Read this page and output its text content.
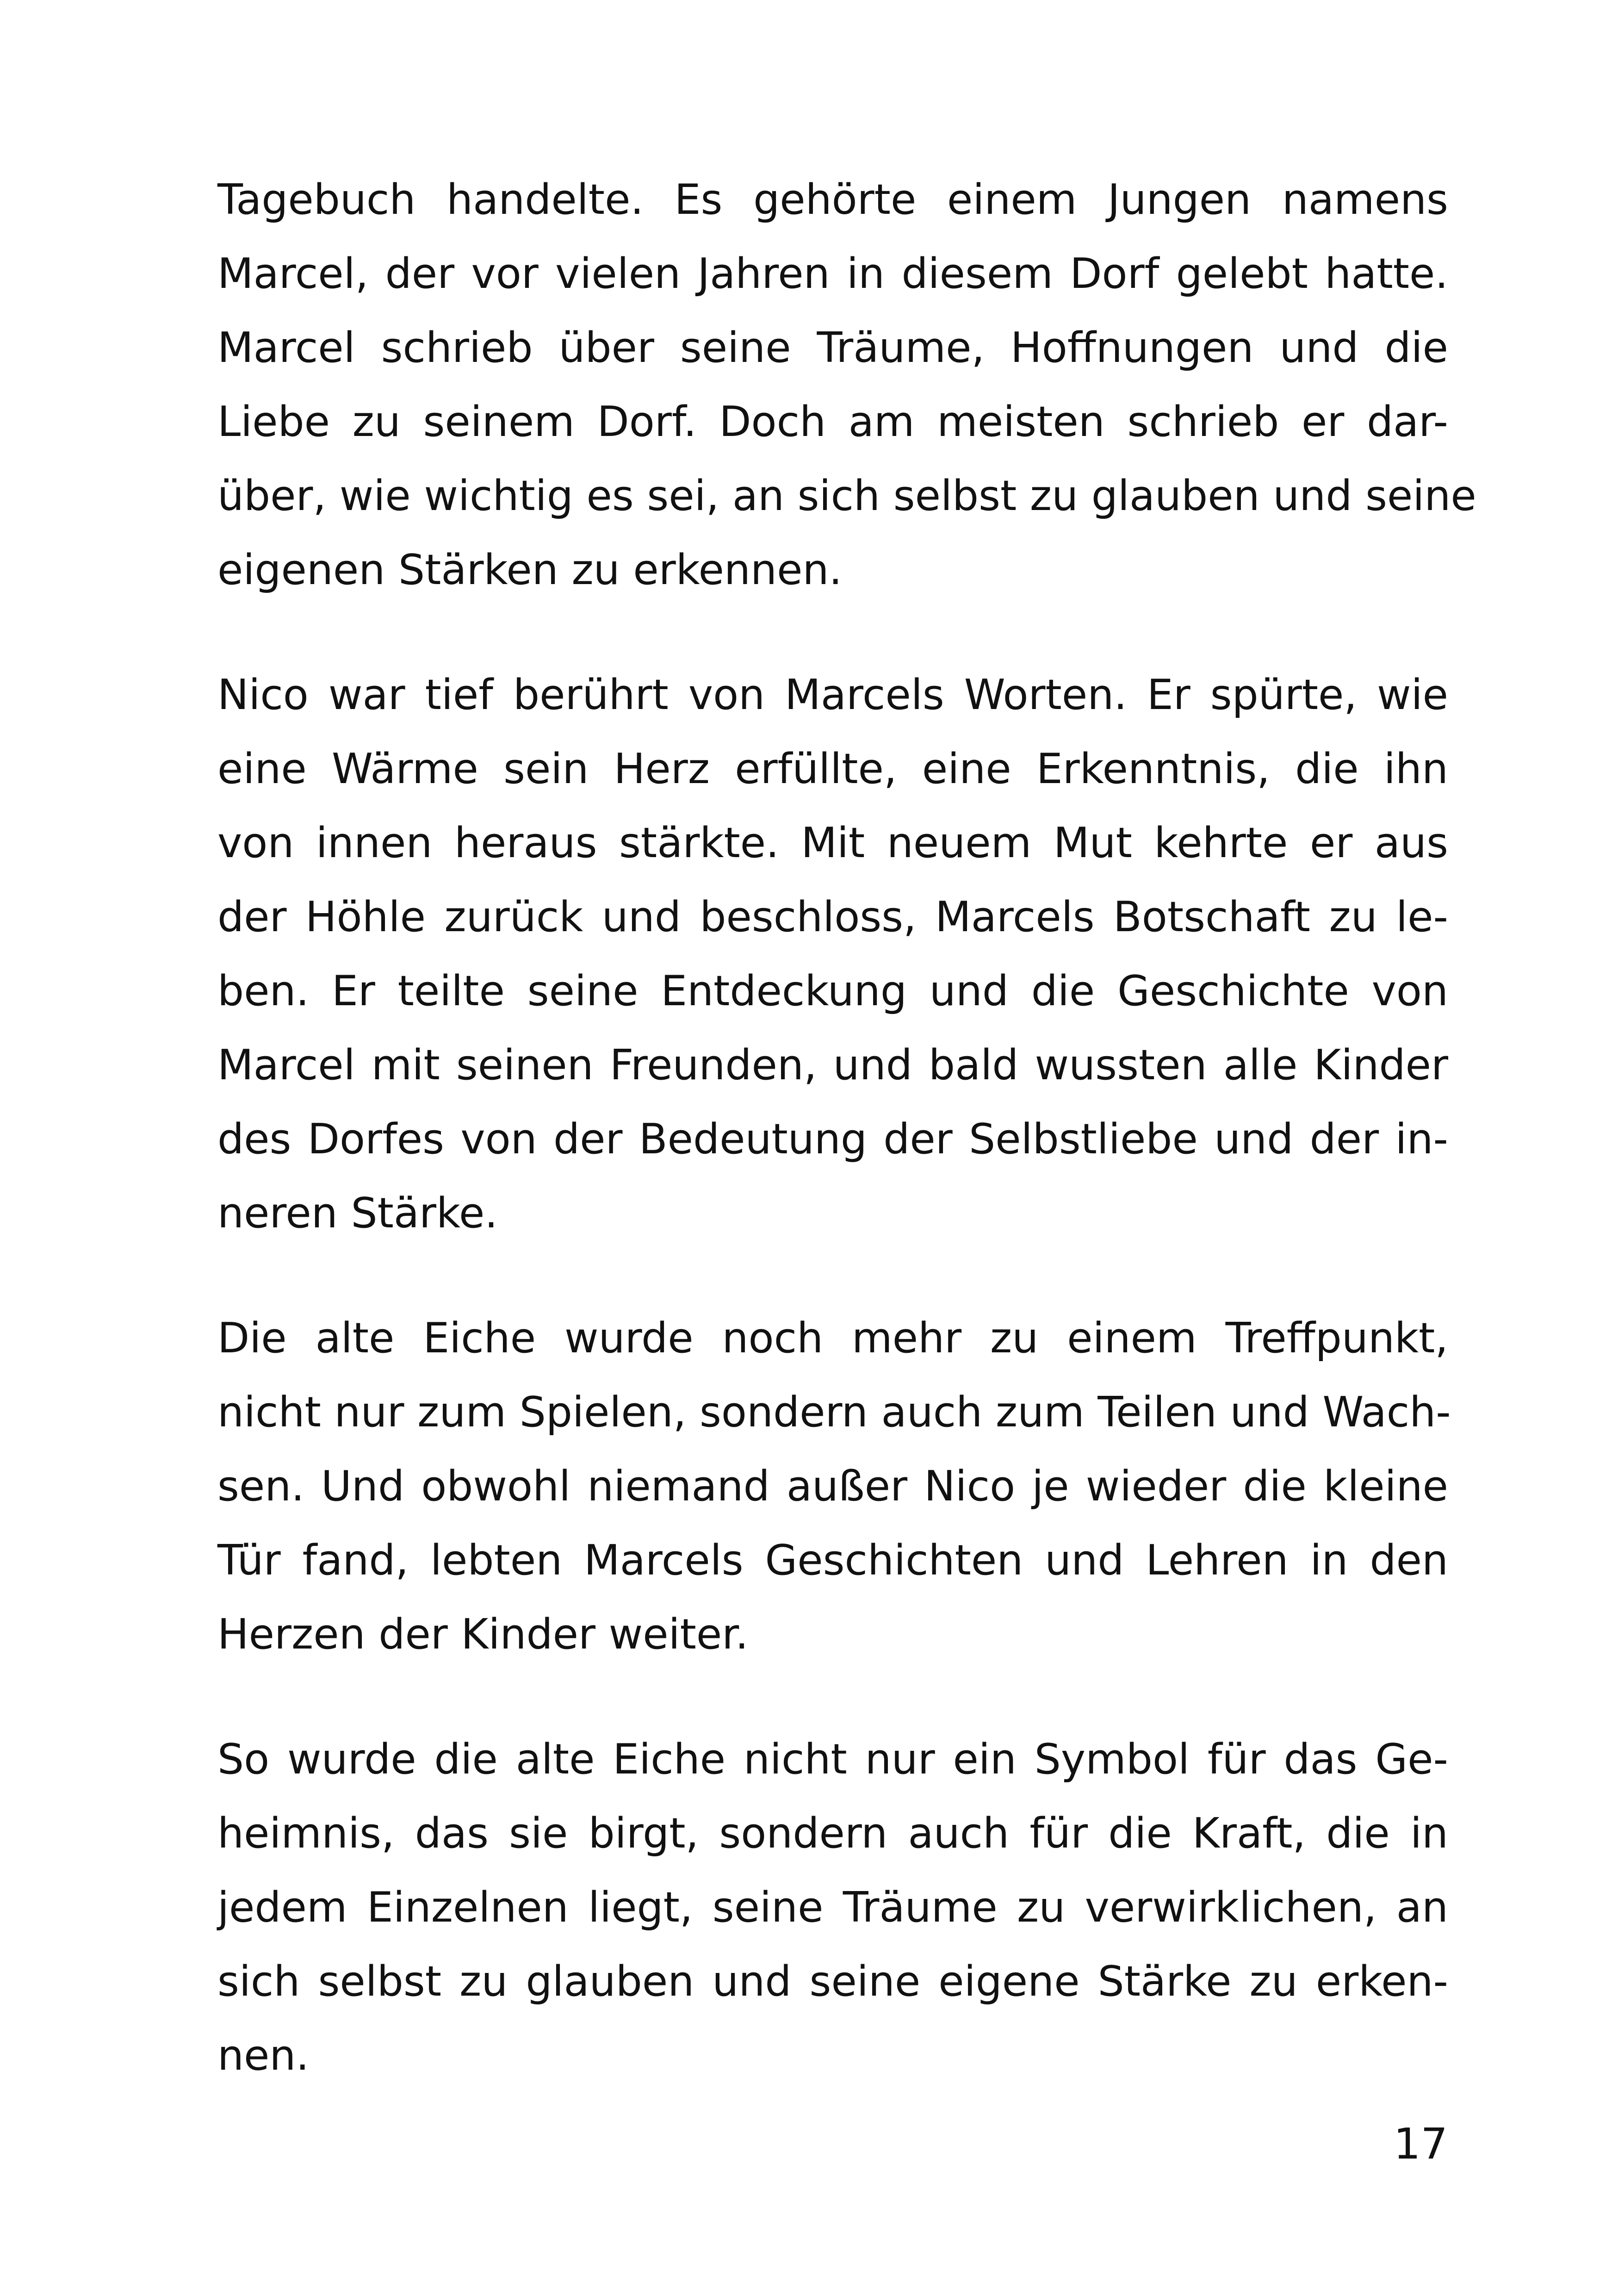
Tagebuch handelte. Es gehörte einem Jungen namens
Marcel, der vor vielen Jahren in diesem Dorf gelebt hatte.
Marcel schrieb über seine Träume, Hoffnungen und die
Liebe zu seinem Dorf. Doch am meisten schrieb er dar-
über, wie wichtig es sei, an sich selbst zu glauben und seine
eigenen Stärken zu erkennen.
Nico war tief berührt von Marcels Worten. Er spürte, wie
eine Wärme sein Herz erfüllte, eine Erkenntnis, die ihn
von innen heraus stärkte. Mit neuem Mut kehrte er aus
der Höhle zurück und beschloss, Marcels Botschaft zu le-
ben. Er teilte seine Entdeckung und die Geschichte von
Marcel mit seinen Freunden, und bald wussten alle Kinder
des Dorfes von der Bedeutung der Selbstliebe und der in-
neren Stärke.
Die alte Eiche wurde noch mehr zu einem Treffpunkt,
nicht nur zum Spielen, sondern auch zum Teilen und Wach-
sen. Und obwohl niemand außer Nico je wieder die kleine
Tür fand, lebten Marcels Geschichten und Lehren in den
Herzen der Kinder weiter.
So wurde die alte Eiche nicht nur ein Symbol für das Ge-
heimnis, das sie birgt, sondern auch für die Kraft, die in
jedem Einzelnen liegt, seine Träume zu verwirklichen, an
sich selbst zu glauben und seine eigene Stärke zu erken-
nen.
17
